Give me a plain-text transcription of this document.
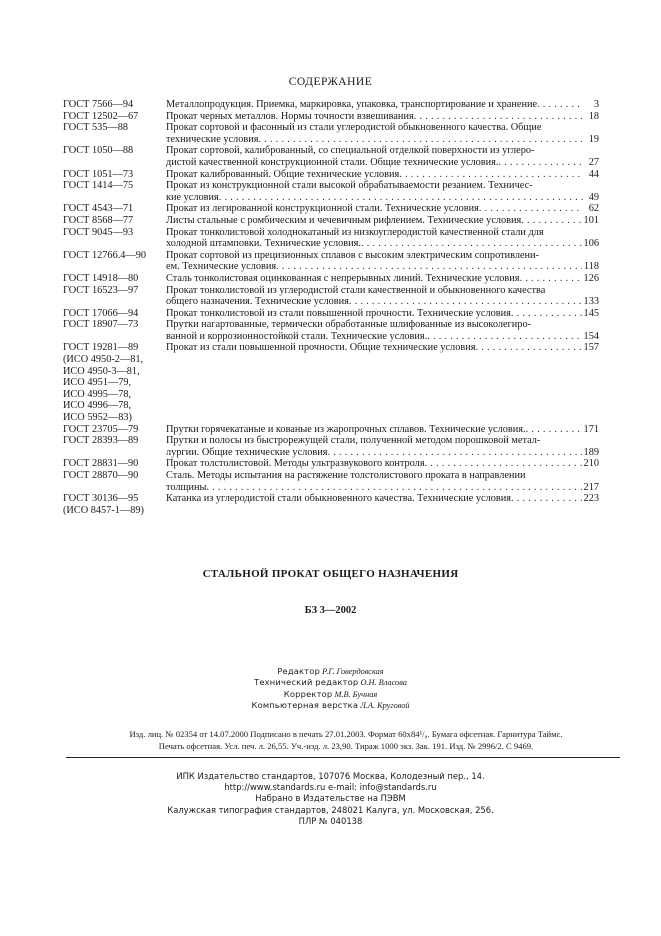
СОДЕРЖАНИЕ
ГОСТ 7566—94	Металлопродукция. Приемка, маркировка, упаковка, транспортирование и хранение . . .	3
ГОСТ 12502—67	Прокат черных металлов. Нормы точности взвешивания . . .	18
ГОСТ 535—88	Прокат сортовой и фасонный из стали углеродистой обыкновенного качества. Общие
технические условия . . .	19
ГОСТ 1050—88	Прокат сортовой, калиброванный, со специальной отделкой поверхности из углеро-
дистой качественной конструкционной стали. Общие технические условия. . . .	27
ГОСТ 1051—73	Прокат калиброванный. Общие технические условия . . .	44
ГОСТ 1414—75	Прокат из конструкционной стали высокой обрабатываемости резанием. Техничес-
кие условия . . .	49
ГОСТ 4543—71	Прокат из легированной конструкционной стали. Технические условия . . .	62
ГОСТ 8568—77	Листы стальные с ромбическим и чечевичным рифлением. Технические условия . . .	101
ГОСТ 9045—93	Прокат тонколистовой холоднокатаный из низкоуглеродистой качественной стали для
холодной штамповки. Технические условия. . . .	106
ГОСТ 12766.4—90	Прокат сортовой из прецизионных сплавов с высоким электрическим сопротивлени-
ем. Технические условия . . .	118
ГОСТ 14918—80	Сталь тонколистовая оцинкованная с непрерывных линий. Технические условия . . .	126
ГОСТ 16523—97	Прокат тонколистовой из углеродистой стали качественной и обыкновенного качества
общего назначения. Технические условия . . .	133
ГОСТ 17066—94	Прокат тонколистовой из стали повышенной прочности. Технические условия . . .	145
ГОСТ 18907—73	Прутки нагартованные, термически обработанные шлифованные из высоколегиро-
ванной и коррозионностойкой стали. Технические условия. . . .	154
ГОСТ 19281—89
(ИСО 4950-2—81,
ИСО 4950-3—81,
ИСО 4951—79,
ИСО 4995—78,
ИСО 4996—78,
ИСО 5952—83)
Прокат из стали повышенной прочности. Общие технические условия . . .	157
ГОСТ 23705—79	Прутки горячекатаные и кованые из жаропрочных сплавов. Технические условия. . . .	171
ГОСТ 28393—89	Прутки и полосы из быстрорежущей стали, полученной методом порошковой метал-
лургии. Общие технические условия . . .	189
ГОСТ 28831—90	Прокат толстолистовой. Методы ультразвукового контроля . . .	210
ГОСТ 28870—90	Сталь. Методы испытания на растяжение толстолистового проката в направлении
толщины . . .	217
ГОСТ 30136—95
(ИСО 8457-1—89)
Катанка из углеродистой стали обыкновенного качества. Технические условия . . .	223
СТАЛЬНОЙ ПРОКАТ ОБЩЕГО НАЗНАЧЕНИЯ
БЗ 3—2002
Редактор Р.Г. Говердовская
Технический редактор О.Н. Власова
Корректор М.В. Бучная
Компьютерная верстка Л.А. Круговой
Изд. лиц. № 02354 от 14.07.2000 Подписано в печать 27.01.2003. Формат 60x84¹/₈. Бумага офсетная. Гарнитура Таймс.
Печать офсетная. Усл. печ. л. 26,55. Уч.-изд. л. 23,90. Тираж 1000 экз. Зак. 191. Изд. № 2996/2. С 9469.
ИПК Издательство стандартов, 107076 Москва, Колодезный пер., 14.
http://www.standards.ru e-mail: info@standards.ru
Набрано в Издательстве на ПЭВМ
Калужская типография стандартов, 248021 Калуга, ул. Московская, 256.
ПЛР № 040138
